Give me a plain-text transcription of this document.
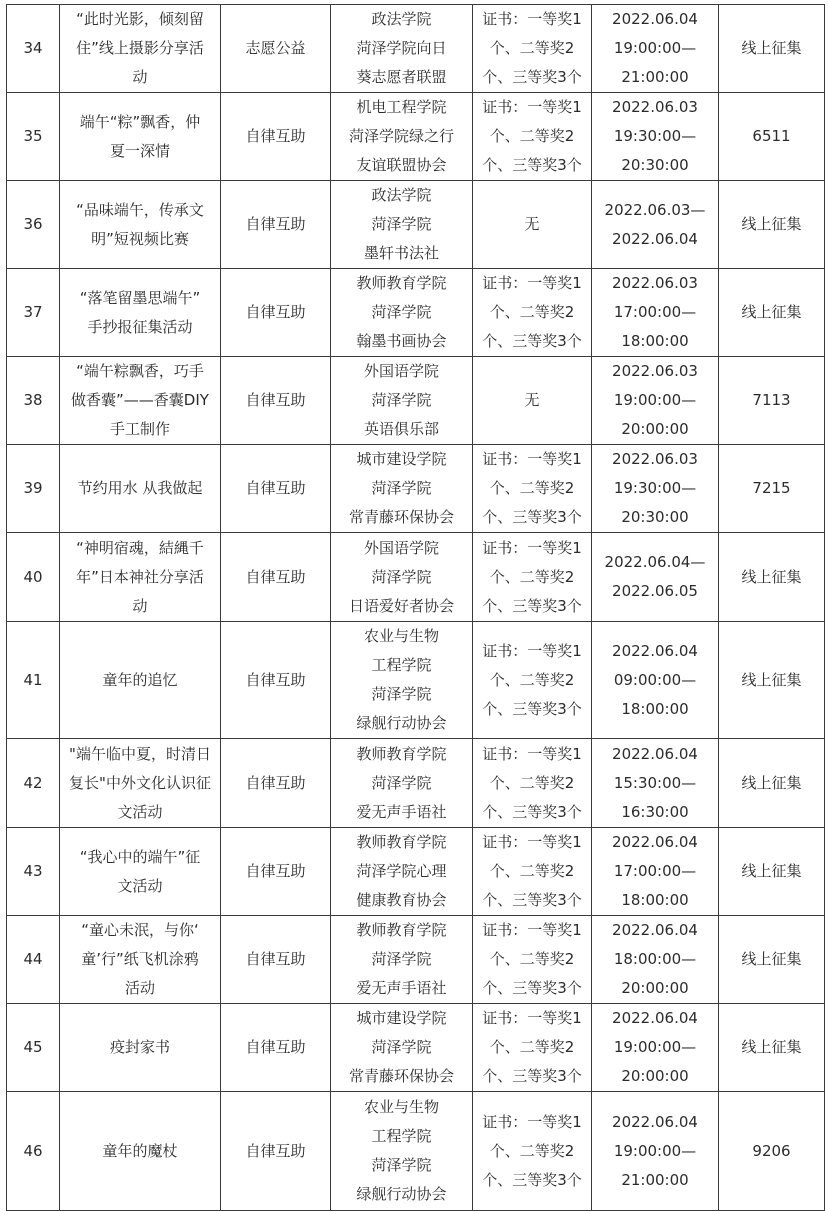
34	“此时光影，倾刻留
住”线上摄影分享活
动	志愿公益	政法学院
菏泽学院向日
葵志愿者联盟	证书：一等奖1
个、二等奖2
个、三等奖3个	2022.06.04
19:00:00—
21:00:00	线上征集
35	端午“粽”飘香，仲
夏一深情	自律互助	机电工程学院
菏泽学院绿之行
友谊联盟协会	证书：一等奖1
个、二等奖2
个、三等奖3个	2022.06.03
19:30:00—
20:30:00	6511
36	“品味端午，传承文
明”短视频比赛	自律互助	政法学院
菏泽学院
墨轩书法社	无	2022.06.03—
2022.06.04	线上征集
37	“落笔留墨思端午”
手抄报征集活动	自律互助	教师教育学院
菏泽学院
翰墨书画协会	证书：一等奖1
个、二等奖2
个、三等奖3个	2022.06.03
17:00:00—
18:00:00	线上征集
38	“端午粽飘香，巧手
做香囊”——香囊DIY
手工制作	自律互助	外国语学院
菏泽学院
英语俱乐部	无	2022.06.03
19:00:00—
20:00:00	7113
39	节约用水 从我做起	自律互助	城市建设学院
菏泽学院
常青藤环保协会	证书：一等奖1
个、二等奖2
个、三等奖3个	2022.06.03
19:30:00—
20:30:00	7215
40	“神明宿魂，結縄千
年”日本神社分享活
动	自律互助	外国语学院
菏泽学院
日语爱好者协会	证书：一等奖1
个、二等奖2
个、三等奖3个	2022.06.04—
2022.06.05	线上征集
41	童年的追忆	自律互助	农业与生物
工程学院
菏泽学院
绿舰行动协会	证书：一等奖1
个、二等奖2
个、三等奖3个	2022.06.04
09:00:00—
18:00:00	线上征集
42	"端午临中夏，时清日
复长"中外文化认识征
文活动	自律互助	教师教育学院
菏泽学院
爱无声手语社	证书：一等奖1
个、二等奖2
个、三等奖3个	2022.06.04
15:30:00—
16:30:00	线上征集
43	“我心中的端午”征
文活动	自律互助	教师教育学院
菏泽学院心理
健康教育协会	证书：一等奖1
个、二等奖2
个、三等奖3个	2022.06.04
17:00:00—
18:00:00	线上征集
44	“童心未泯，与你‘
童’行”纸飞机涂鸦
活动	自律互助	教师教育学院
菏泽学院
爱无声手语社	证书：一等奖1
个、二等奖2
个、三等奖3个	2022.06.04
18:00:00—
20:00:00	线上征集
45	疫封家书	自律互助	城市建设学院
菏泽学院
常青藤环保协会	证书：一等奖1
个、二等奖2
个、三等奖3个	2022.06.04
19:00:00—
20:00:00	线上征集
46	童年的魔杖	自律互助	农业与生物
工程学院
菏泽学院
绿舰行动协会	证书：一等奖1
个、二等奖2
个、三等奖3个	2022.06.04
19:00:00—
21:00:00	9206
